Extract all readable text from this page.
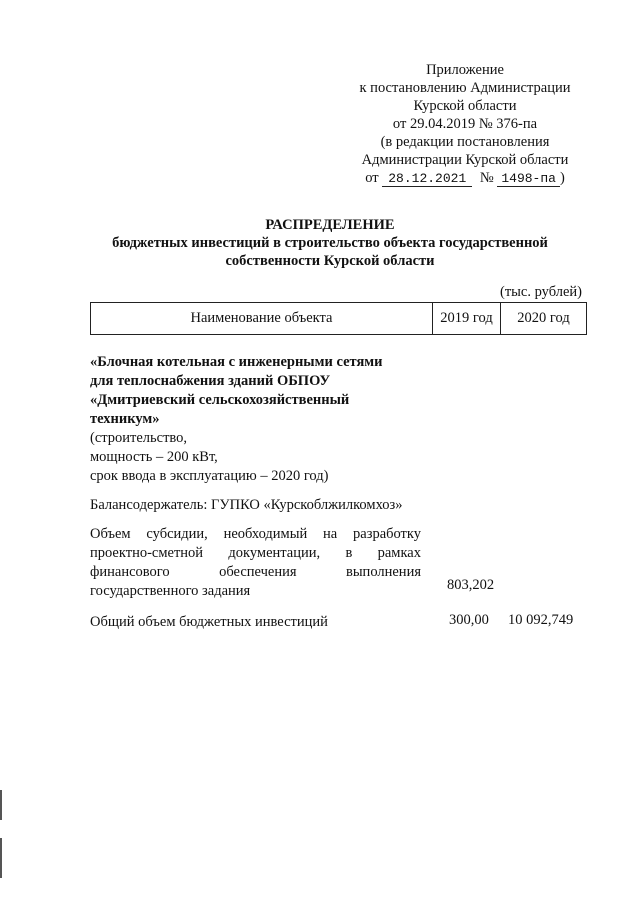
Приложение
к постановлению Администрации
Курской области
от 29.04.2019 № 376-па
(в редакции постановления
Администрации Курской области
от 28.12.2021 № 1498-па )
РАСПРЕДЕЛЕНИЕ
бюджетных инвестиций в строительство объекта государственной
собственности Курской области
(тыс. рублей)
Наименование объекта	2019 год	2020 год
«Блочная котельная с инженерными сетями
для теплоснабжения зданий ОБПОУ
«Дмитриевский сельскохозяйственный
техникум»
(строительство,
мощность – 200 кВт,
срок ввода в эксплуатацию – 2020 год)
Балансодержатель: ГУПКО «Курскоблжилкомхоз»
Объем субсидии, необходимый на разработку
проектно-сметной документации, в рамках
финансового обеспечения выполнения
государственного задания	803,202
Общий объем бюджетных инвестиций	300,00 10 092,749
